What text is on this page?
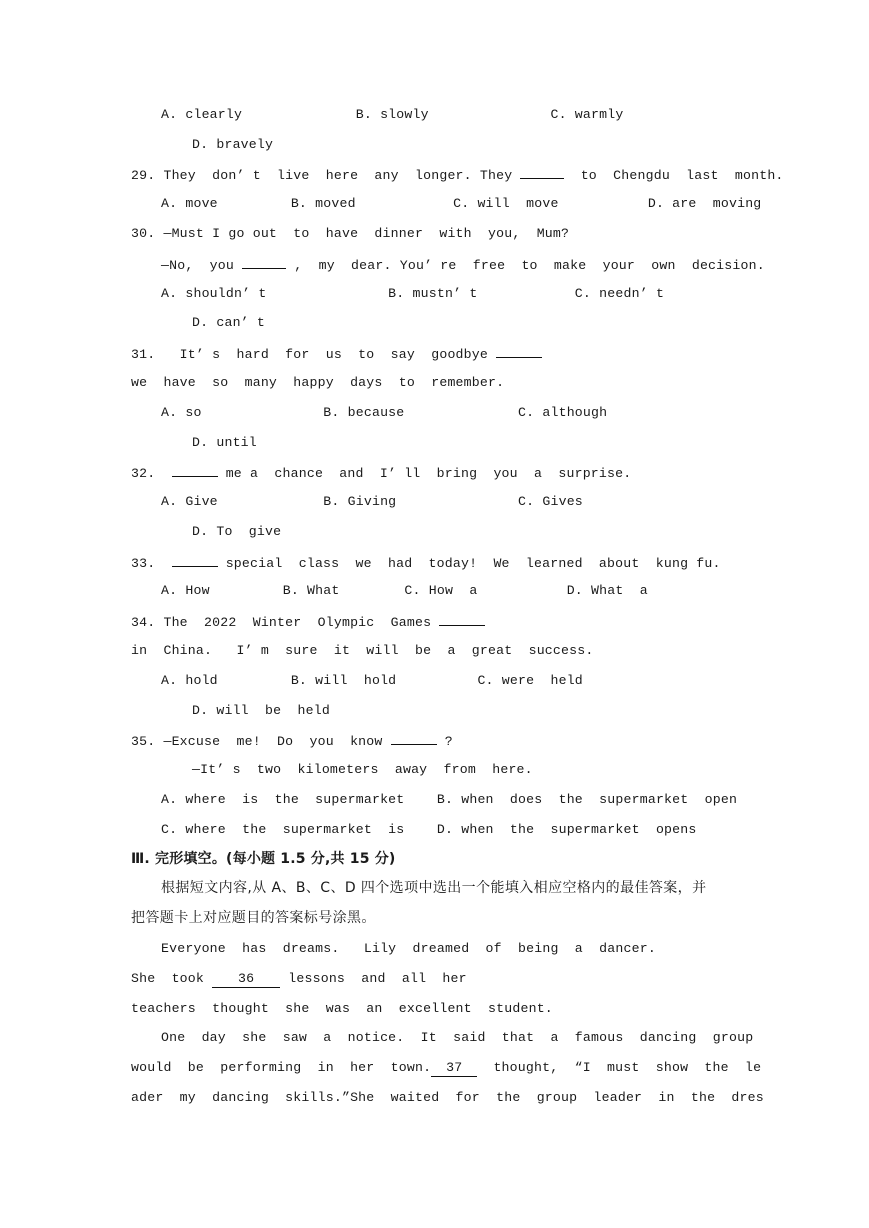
A. clearly              B. slowly               C. warmly
D. bravely
29. They  don’ t  live  here  any  longer. They	to  Chengdu  last  month.
A. move         B. moved            C. will  move           D. are  moving
30. —Must I go out  to  have  dinner  with  you,  Mum?
—No,  you	,  my  dear. You’ re  free  to  make  your  own  decision.
A. shouldn’ t               B. mustn’ t            C. needn’ t
D. can’ t
31.   It’ s  hard  for  us  to  say  goodbye
we  have  so  many  happy  days  to  remember.
A. so               B. because              C. although
D. until
32.	me a  chance  and  I’ ll  bring  you  a  surprise.
A. Give             B. Giving               C. Gives
D. To  give
33.	special  class  we  had  today!  We  learned  about  kung fu.
A. How         B. What        C. How  a           D. What  a
34. The  2022  Winter  Olympic  Games
in  China.   I’ m  sure  it  will  be  a  great  success.
A. hold         B. will  hold          C. were  held
D. will  be  held
35. —Excuse  me!  Do  you  know	?
—It’ s  two  kilometers  away  from  here.
A. where  is  the  supermarket    B. when  does  the  supermarket  open
C. where  the  supermarket  is    D. when  the  supermarket  opens
Ⅲ. 完形填空。(每小题 1.5 分,共 15 分)
根据短文内容,从 A、B、C、D 四个选项中选出一个能填入相应空格内的最佳答案，并
把答题卡上对应题目的答案标号涂黑。
Everyone  has  dreams.   Lily  dreamed  of  being  a  dancer.
She  took 36 lessons  and  all  her
teachers  thought  she  was  an  excellent  student.
One  day  she  saw  a  notice.  It  said  that  a  famous  dancing  group
would  be  performing  in  her  town. 37  thought,  “I  must  show  the  le
ader  my  dancing  skills.”She  waited  for  the  group  leader  in  the  dres
